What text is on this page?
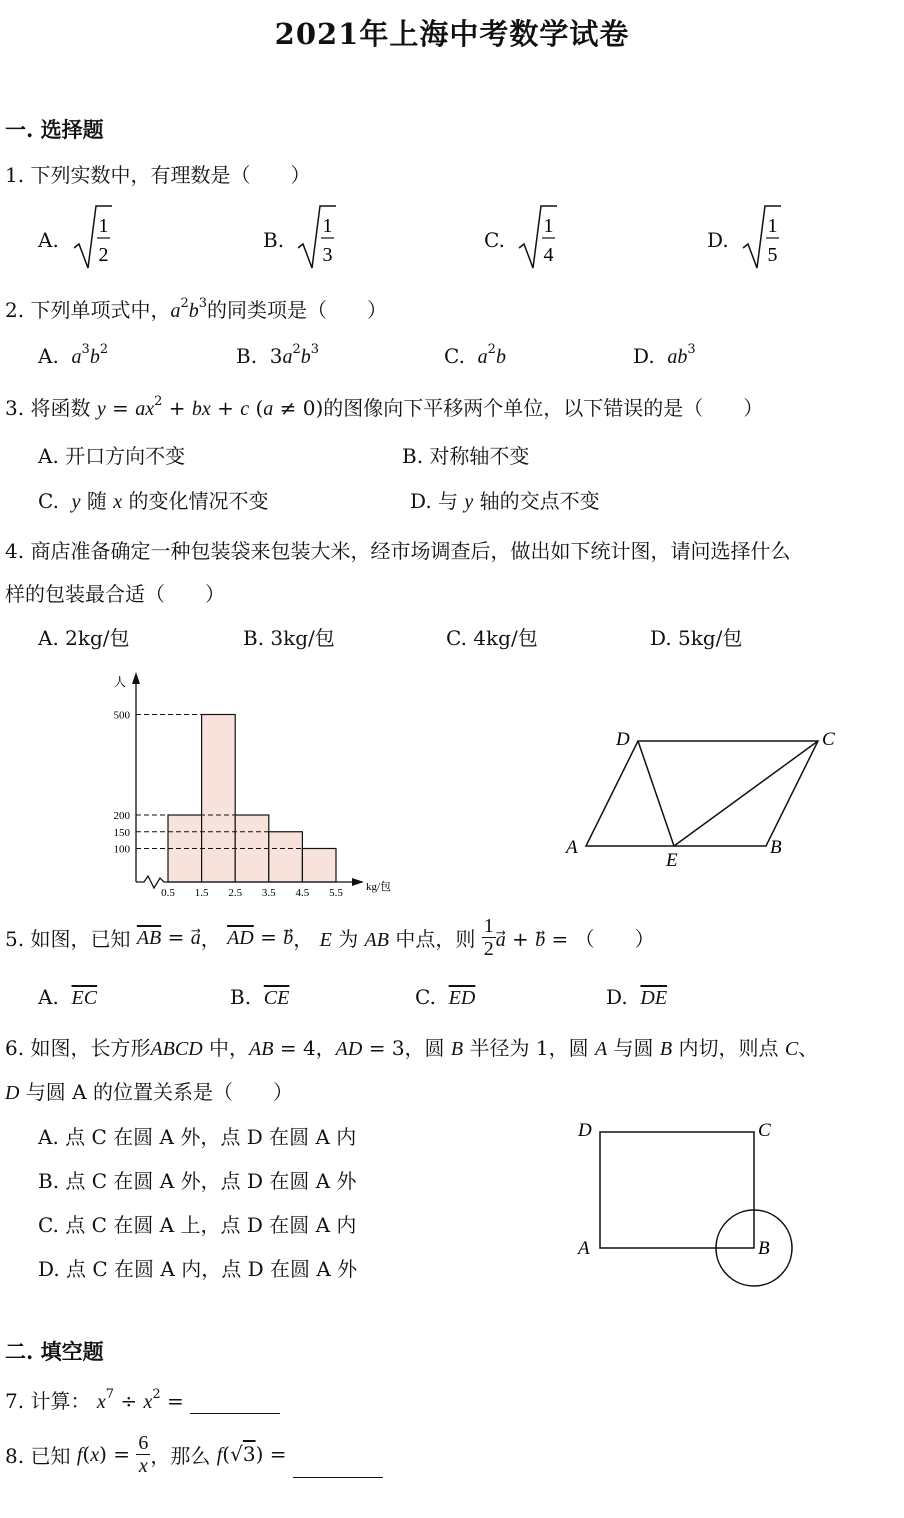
2021年上海中考数学试卷
一. 选择题
1. 下列实数中，有理数是（　　）
A.
1
2
B.
1
3
C.
1
4
D.
1
5
2. 下列单项式中，$a^2b^3$的同类项是（　　）
A. $a^3b^2$	B.  $3a^2b^3$	C. $a^2b$	D. $ab^3$
3. 将函数 $y = ax^2$ + bx + c (a ≠ 0)的图像向下平移两个单位，以下错误的是（　　）
A. 开口方向不变	B. 对称轴不变
C. y 随 x 的变化情况不变	D. 与 y 轴的交点不变
4. 商店准备确定一种包装袋来包装大米，经市场调查后，做出如下统计图，请问选择什么
样的包装最合适（　　）
A. 2kg/包	B. 3kg/包	C. 4kg/包	D. 5kg/包
人
kg/包
100
150
200
500
0.5 1.5 2.5 3.5 4.5 5.5
D	C
A
E
B
5. 如图，已知 $\overline{AB} = a$， $\overline{AD} = b$， E 为 AB 中点，则 $\frac{1}{2}$ a⃗ + b⃗ = （　　）
A. $\overline{EC}$	B. $\overline{CE}$	C. $\overline{ED}$	D. $\overline{DE}$
6. 如图，长方形ABCD 中，AB = 4，AD = 3，圆 B 半径为 1，圆 A 与圆 B 内切，则点 C、
D 与圆 A 的位置关系是（　　）
A. 点 C 在圆 A 外，点 D 在圆 A 内
B. 点 C 在圆 A 外，点 D 在圆 A 外
C. 点 C 在圆 A 上，点 D 在圆 A 内
D. 点 C 在圆 A 内，点 D 在圆 A 外
D	C
A	B
二. 填空题
7. 计算： $x^7 \div x^2$ =
8. 已知 $f(x) = \frac{6}{x}$ ，那么 f(√3) =
